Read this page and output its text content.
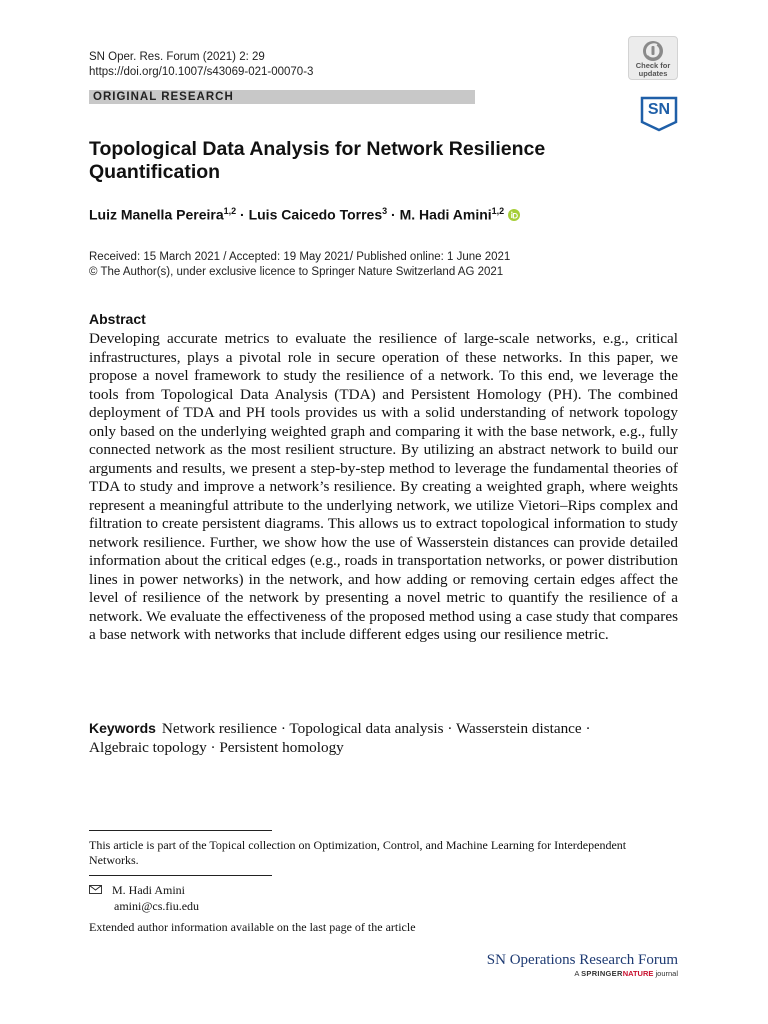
SN Oper. Res. Forum (2021) 2: 29
https://doi.org/10.1007/s43069-021-00070-3
ORIGINAL RESEARCH
Check for
updates
SN
Topological Data Analysis for Network Resilience
Quantification
Luiz Manella Pereira$^{1,2}$ · Luis Caicedo Torres$^3$ · M. Hadi Amini$^{1,2}$
Received: 15 March 2021 / Accepted: 19 May 2021/ Published online: 1 June 2021
© The Author(s), under exclusive licence to Springer Nature Switzerland AG 2021
Abstract
Developing accurate metrics to evaluate the resilience of large-scale networks, e.g., critical infrastructures, plays a pivotal role in secure operation of these networks. In this paper, we propose a novel framework to study the resilience of a network. To this end, we leverage the tools from Topological Data Analysis (TDA) and Persistent Homology (PH). The combined deployment of TDA and PH tools provides us with a solid understanding of network topology only based on the underlying weighted graph and comparing it with the base network, e.g., fully connected network as the most resilient structure. By utilizing an abstract network to build our arguments and results, we present a step-by-step method to leverage the fundamental theories of TDA to study and improve a network’s resilience. By creating a weighted graph, where weights represent a meaningful attribute to the underlying network, we utilize Vietori–Rips complex and filtration to create persistent diagrams. This allows us to extract topological information to study network resilience. Further, we show how the use of Wasserstein distances can provide detailed information about the critical edges (e.g., roads in transportation networks, or power distribution lines in power networks) in the network, and how adding or removing certain edges affect the level of resilience of the network by presenting a novel metric to quantify the resilience of a network. We evaluate the effectiveness of the proposed method using a case study that compares a base network with networks that include different edges using our resilience metric.
Keywords Network resilience · Topological data analysis · Wasserstein distance ·
Algebraic topology · Persistent homology
This article is part of the Topical collection on Optimization, Control, and Machine Learning for Interdependent Networks.
M. Hadi Amini
amini@cs.fiu.edu
Extended author information available on the last page of the article
SN Operations Research Forum
A SPRINGERNATURE journal
